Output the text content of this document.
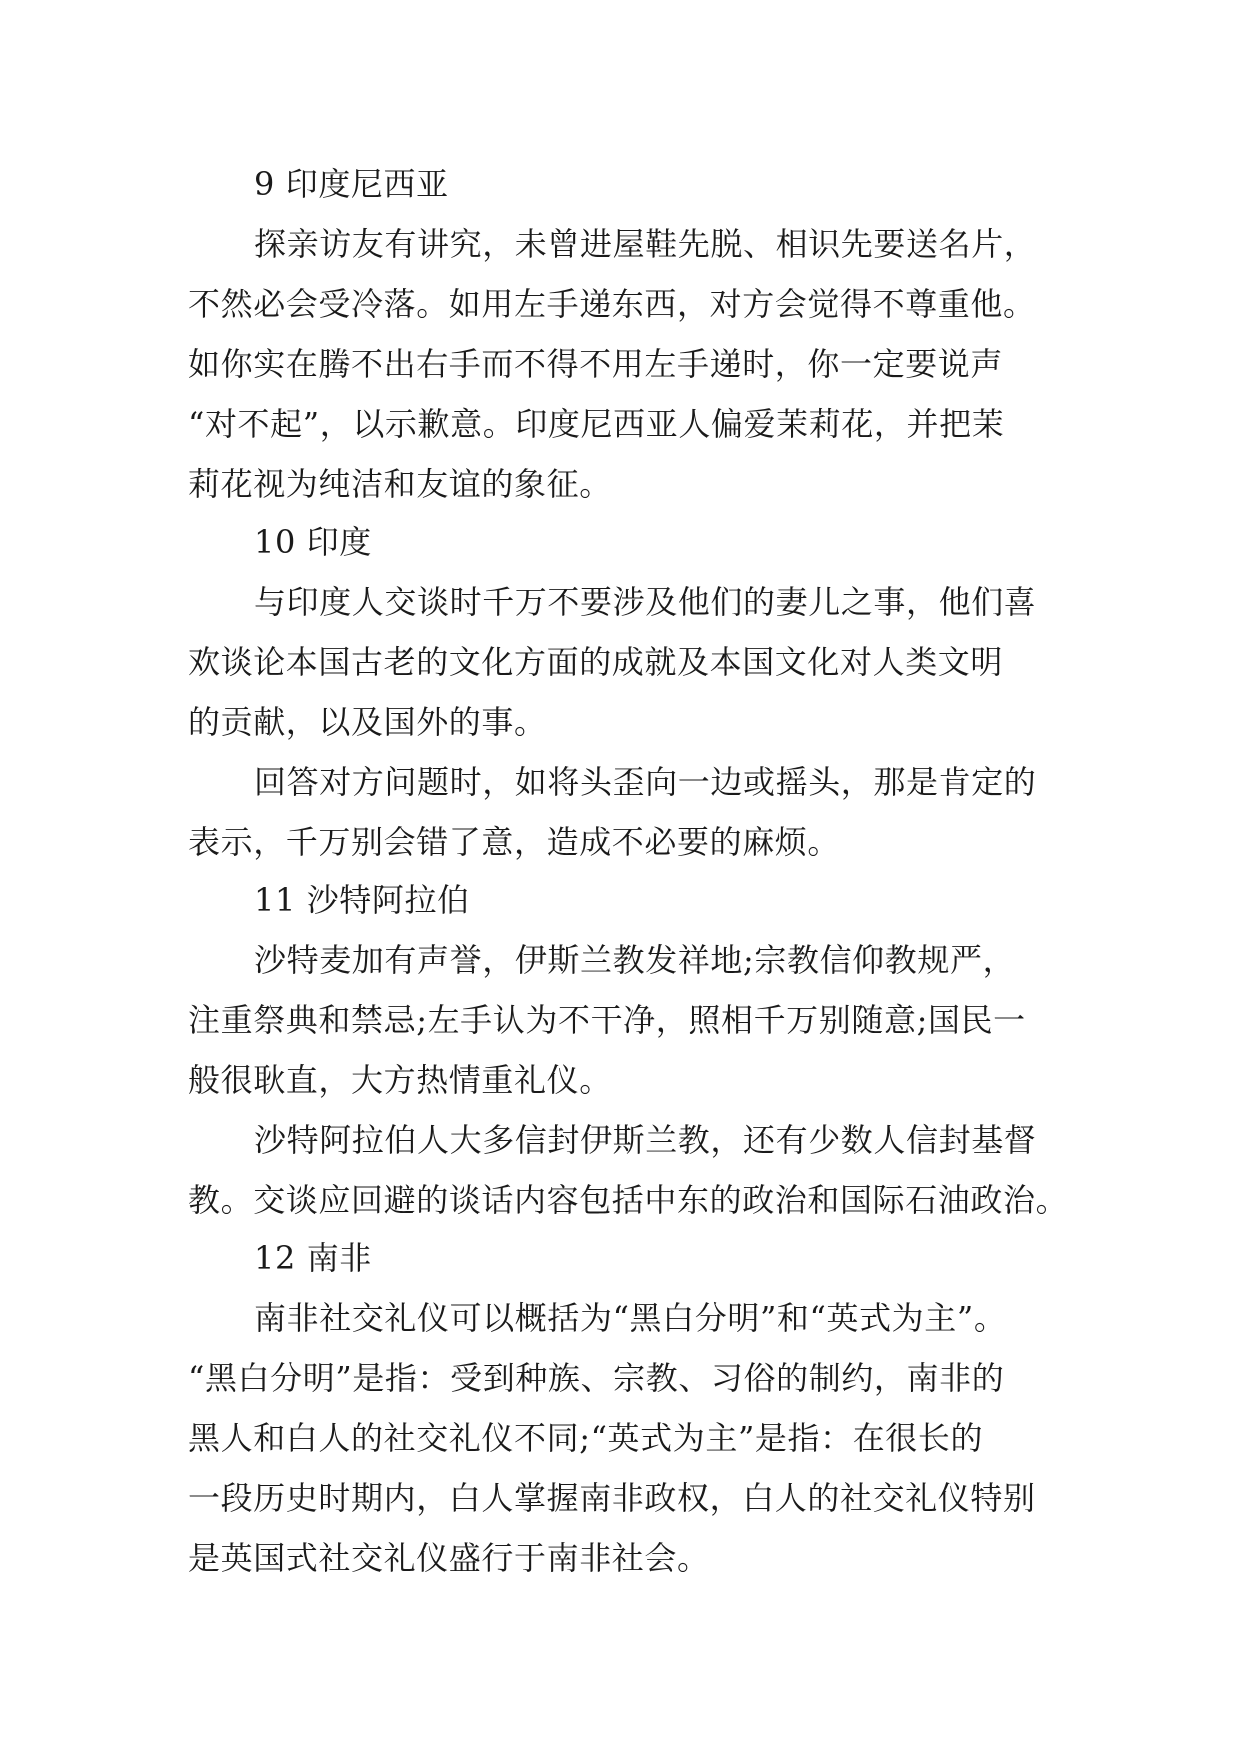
9 印度尼西亚

探亲访友有讲究，未曾进屋鞋先脱、相识先要送名片，

不然必会受冷落。如用左手递东西，对方会觉得不尊重他。

如你实在腾不出右手而不得不用左手递时，你一定要说声

“对不起”，以示歉意。印度尼西亚人偏爱茉莉花，并把茉

莉花视为纯洁和友谊的象征。

10 印度

与印度人交谈时千万不要涉及他们的妻儿之事，他们喜

欢谈论本国古老的文化方面的成就及本国文化对人类文明

的贡献，以及国外的事。

回答对方问题时，如将头歪向一边或摇头，那是肯定的

表示，千万别会错了意，造成不必要的麻烦。

11 沙特阿拉伯

沙特麦加有声誉，伊斯兰教发祥地;宗教信仰教规严，

注重祭典和禁忌;左手认为不干净，照相千万别随意;国民一

般很耿直，大方热情重礼仪。

沙特阿拉伯人大多信封伊斯兰教，还有少数人信封基督

教。交谈应回避的谈话内容包括中东的政治和国际石油政治。

12 南非

南非社交礼仪可以概括为“黑白分明”和“英式为主”。

“黑白分明”是指：受到种族、宗教、习俗的制约，南非的

黑人和白人的社交礼仪不同;“英式为主”是指：在很长的

一段历史时期内，白人掌握南非政权，白人的社交礼仪特别

是英国式社交礼仪盛行于南非社会。
